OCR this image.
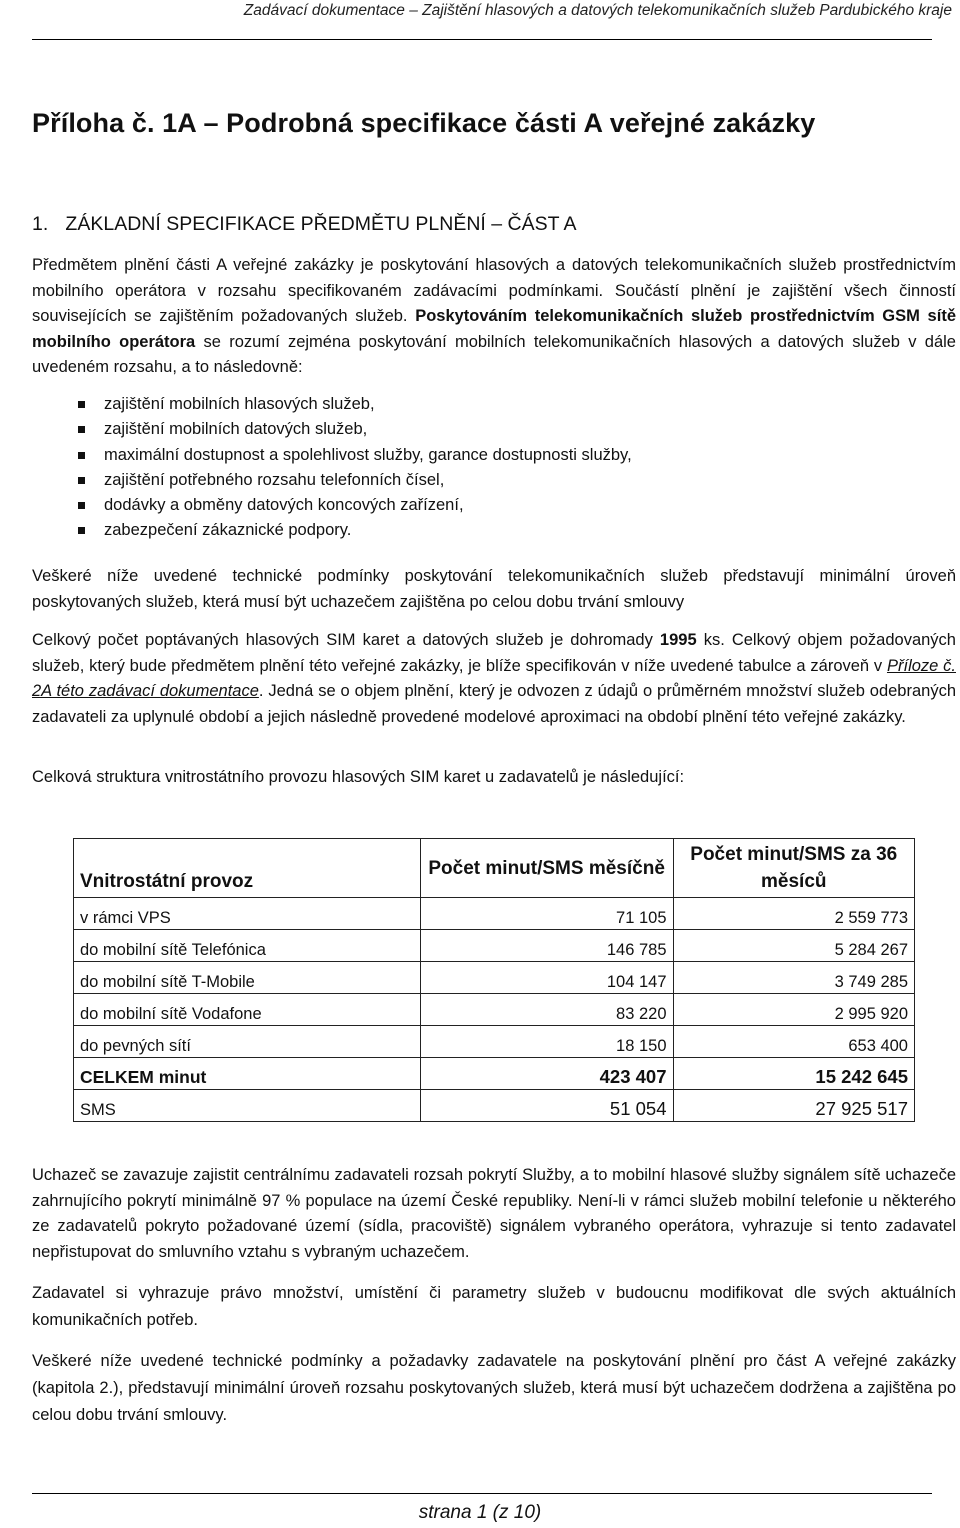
Zadávací dokumentace – Zajištění hlasových a datových telekomunikačních služeb Pardubického kraje
Příloha č. 1A – Podrobná specifikace části A veřejné zakázky
1. ZÁKLADNÍ SPECIFIKACE PŘEDMĚTU PLNĚNÍ – ČÁST A
Předmětem plnění části A veřejné zakázky je poskytování hlasových a datových telekomunikačních služeb prostřednictvím mobilního operátora v rozsahu specifikovaném zadávacími podmínkami. Součástí plnění je zajištění všech činností souvisejících se zajištěním požadovaných služeb. Poskytováním telekomunikačních služeb prostřednictvím GSM sítě mobilního operátora se rozumí zejména poskytování mobilních telekomunikačních hlasových a datových služeb v dále uvedeném rozsahu, a to následovně:
zajištění mobilních hlasových služeb,
zajištění mobilních datových služeb,
maximální dostupnost a spolehlivost služby, garance dostupnosti služby,
zajištění potřebného rozsahu telefonních čísel,
dodávky a obměny datových koncových zařízení,
zabezpečení zákaznické podpory.
Veškeré níže uvedené technické podmínky poskytování telekomunikačních služeb představují minimální úroveň poskytovaných služeb, která musí být uchazečem zajištěna po celou dobu trvání smlouvy
Celkový počet poptávaných hlasových SIM karet a datových služeb je dohromady 1995 ks. Celkový objem požadovaných služeb, který bude předmětem plnění této veřejné zakázky, je blíže specifikován v níže uvedené tabulce a zároveň v Příloze č. 2A této zadávací dokumentace. Jedná se o objem plnění, který je odvozen z údajů o průměrném množství služeb odebraných zadavateli za uplynulé období a jejich následně provedené modelové aproximaci na období plnění této veřejné zakázky.
Celková struktura vnitrostátního provozu hlasových SIM karet u zadavatelů je následující:
Vnitrostátní provoz	Počet minut/SMS měsíčně	Počet minut/SMS za 36 měsíců
v rámci VPS	71 105	2 559 773
do mobilní sítě Telefónica	146 785	5 284 267
do mobilní sítě T-Mobile	104 147	3 749 285
do mobilní sítě Vodafone	83 220	2 995 920
do pevných sítí	18 150	653 400
CELKEM minut	423 407	15 242 645
SMS	51 054	27 925 517
Uchazeč se zavazuje zajistit centrálnímu zadavateli rozsah pokrytí Služby, a to mobilní hlasové služby signálem sítě uchazeče zahrnujícího pokrytí minimálně 97 % populace na území České republiky. Není-li v rámci služeb mobilní telefonie u některého ze zadavatelů pokryto požadované území (sídla, pracoviště) signálem vybraného operátora, vyhrazuje si tento zadavatel nepřistupovat do smluvního vztahu s vybraným uchazečem.
Zadavatel si vyhrazuje právo množství, umístění či parametry služeb v budoucnu modifikovat dle svých aktuálních komunikačních potřeb.
Veškeré níže uvedené technické podmínky a požadavky zadavatele na poskytování plnění pro část A veřejné zakázky (kapitola 2.), představují minimální úroveň rozsahu poskytovaných služeb, která musí být uchazečem dodržena a zajištěna po celou dobu trvání smlouvy.
strana 1 (z 10)
